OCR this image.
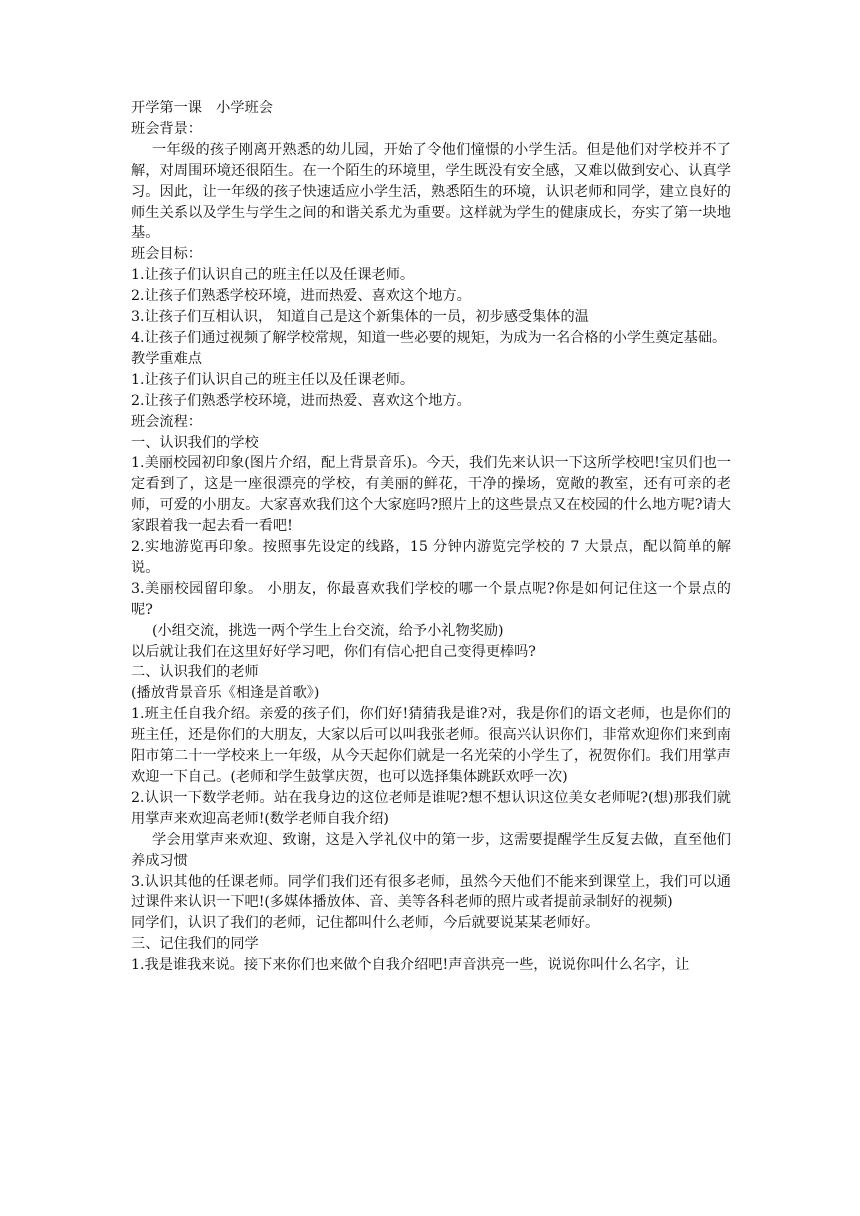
开学第一课　小学班会

班会背景：

一年级的孩子刚离开熟悉的幼儿园，开始了令他们憧憬的小学生活。但是他们对学校并不了解，对周围环境还很陌生。在一个陌生的环境里，学生既没有安全感，又难以做到安心、认真学习。因此，让一年级的孩子快速适应小学生活，熟悉陌生的环境，认识老师和同学，建立良好的师生关系以及学生与学生之间的和谐关系尤为重要。这样就为学生的健康成长，夯实了第一块地基。

班会目标：

1.让孩子们认识自己的班主任以及任课老师。

2.让孩子们熟悉学校环境，进而热爱、喜欢这个地方。

3.让孩子们互相认识， 知道自己是这个新集体的一员，初步感受集体的温

4.让孩子们通过视频了解学校常规，知道一些必要的规矩，为成为一名合格的小学生奠定基础。

教学重难点

1.让孩子们认识自己的班主任以及任课老师。

2.让孩子们熟悉学校环境，进而热爱、喜欢这个地方。

班会流程：

一、认识我们的学校

1.美丽校园初印象(图片介绍，配上背景音乐)。今天，我们先来认识一下这所学校吧!宝贝们也一定看到了，这是一座很漂亮的学校，有美丽的鲜花，干净的操场，宽敞的教室，还有可亲的老师，可爱的小朋友。大家喜欢我们这个大家庭吗?照片上的这些景点又在校园的什么地方呢?请大家跟着我一起去看一看吧!

2.实地游览再印象。按照事先设定的线路，15 分钟内游览完学校的 7 大景点，配以简单的解说。

3.美丽校园留印象。 小朋友，你最喜欢我们学校的哪一个景点呢?你是如何记住这一个景点的呢?

(小组交流，挑选一两个学生上台交流，给予小礼物奖励)

以后就让我们在这里好好学习吧，你们有信心把自己变得更棒吗?

二、认识我们的老师

(播放背景音乐《相逢是首歌》)

1.班主任自我介绍。亲爱的孩子们，你们好!猜猜我是谁?对，我是你们的语文老师，也是你们的班主任，还是你们的大朋友，大家以后可以叫我张老师。很高兴认识你们，非常欢迎你们来到南阳市第二十一学校来上一年级，从今天起你们就是一名光荣的小学生了，祝贺你们。我们用掌声欢迎一下自己。(老师和学生鼓掌庆贺，也可以选择集体跳跃欢呼一次)

2.认识一下数学老师。站在我身边的这位老师是谁呢?想不想认识这位美女老师呢?(想)那我们就用掌声来欢迎高老师!(数学老师自我介绍)

学会用掌声来欢迎、致谢，这是入学礼仪中的第一步，这需要提醒学生反复去做，直至他们养成习惯

3.认识其他的任课老师。同学们我们还有很多老师，虽然今天他们不能来到课堂上，我们可以通过课件来认识一下吧!(多媒体播放体、音、美等各科老师的照片或者提前录制好的视频)

同学们，认识了我们的老师，记住都叫什么老师，今后就要说某某老师好。

三、记住我们的同学

1.我是谁我来说。接下来你们也来做个自我介绍吧!声音洪亮一些，说说你叫什么名字，让
